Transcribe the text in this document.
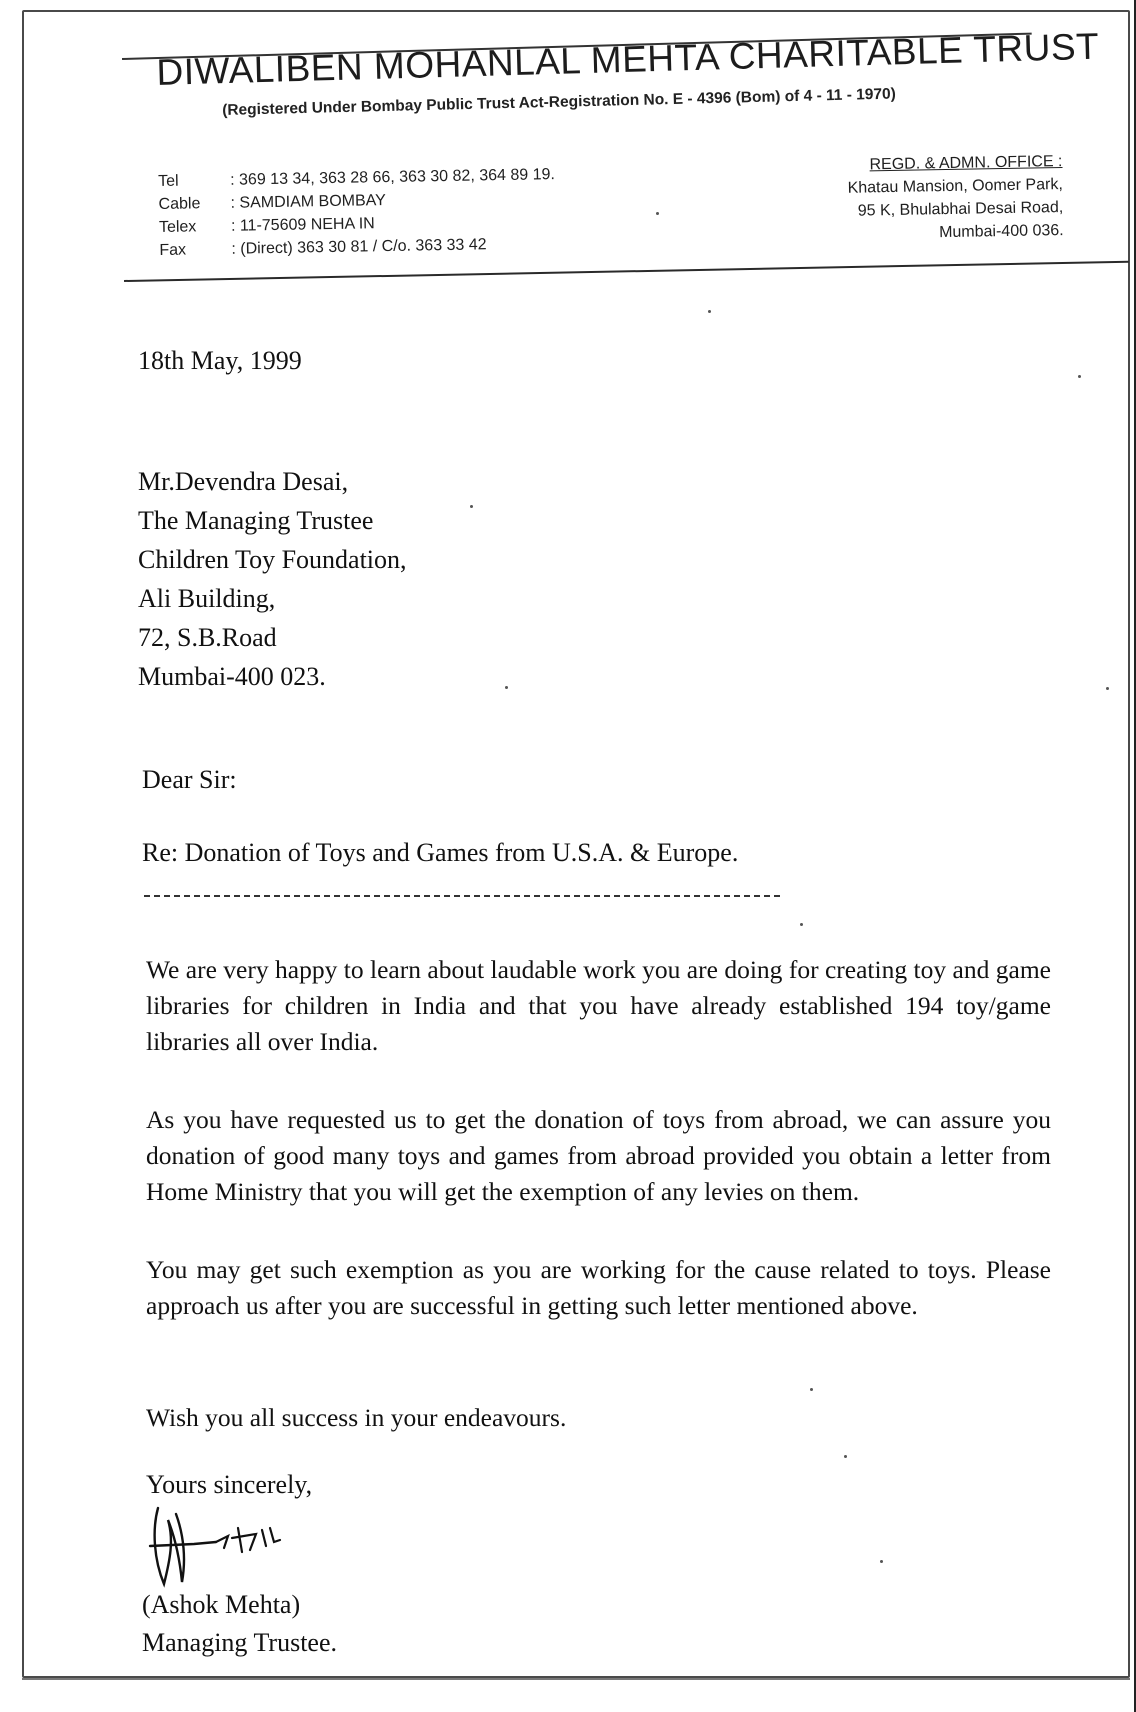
DIWALIBEN MOHANLAL MEHTA CHARITABLE TRUST
(Registered Under Bombay Public Trust Act-Registration No. E - 4396 (Bom) of 4 - 11 - 1970)
Tel	: 369 13 34, 363 28 66, 363 30 82, 364 89 19.
Cable	: SAMDIAM BOMBAY
Telex	: 11-75609 NEHA IN
Fax	: (Direct) 363 30 81 / C/o. 363 33 42
REGD. & ADMN. OFFICE :
Khatau Mansion, Oomer Park,
95 K, Bhulabhai Desai Road,
Mumbai-400 036.
18th May, 1999
Mr.Devendra Desai,
The Managing Trustee
Children Toy Foundation,
Ali Building,
72, S.B.Road
Mumbai-400 023.
Dear Sir:
Re: Donation of Toys and Games from U.S.A. & Europe.
We are very happy to learn about laudable work you are doing for creating toy and game libraries for children in India and that you have already established 194 toy/game libraries all over India.
As you have requested us to get the donation of toys from abroad, we can assure you donation of good many toys and games from abroad provided you obtain a letter from Home Ministry that you will get the exemption of any levies on them.
You may get such exemption as you are working for the cause related to toys. Please approach us after you are successful in getting such letter mentioned above.
Wish you all success in your endeavours.
Yours sincerely,
(Ashok Mehta)
Managing Trustee.
